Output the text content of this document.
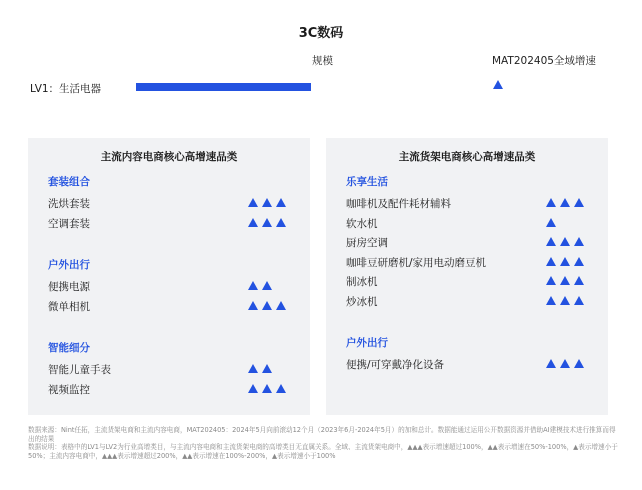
3C数码
规模	MAT202405全域增速
LV1：生活电器
主流内容电商核心高增速品类
套装组合
洗烘套装
空调套装
户外出行
便携电源
微单相机
智能细分
智能儿童手表
视频监控
主流货架电商核心高增速品类
乐享生活
咖啡机及配件耗材辅料
软水机
厨房空调
咖啡豆研磨机/家用电动磨豆机
制冰机
炒冰机
户外出行
便携/可穿戴净化设备
数据来源：Nint任拓，主流货架电商和主流内容电商，MAT202405：2024年5月向前滚动12个月（2023年6月-2024年5月）的加和总计。数据能通过运用公开数据资源并借助AI建模技术进行推算而得出的结果
数据说明：表格中的LV1与LV2为行业高增类目，与主流内容电商和主流货架电商的高增类目无直属关系。全域、主流货架电商中，▲▲▲表示增速超过100%，▲▲表示增速在50%-100%，▲表示增速小于50%；主流内容电商中，▲▲▲表示增速超过200%，▲▲表示增速在100%-200%，▲表示增速小于100%
